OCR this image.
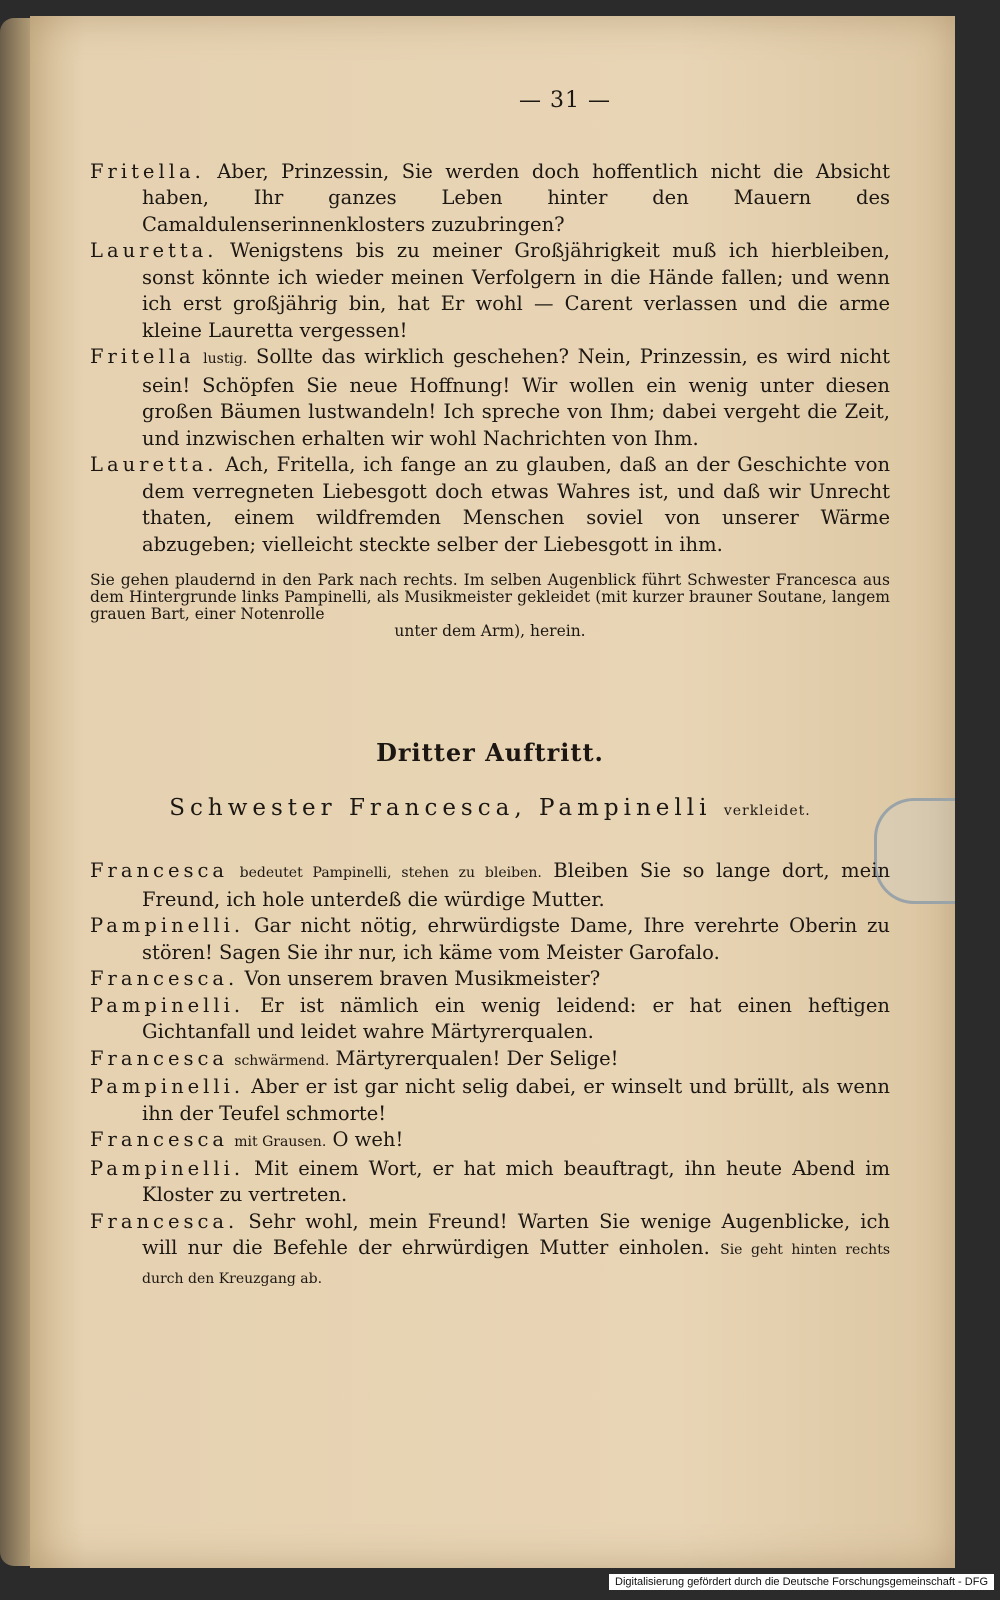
— 31 —

Fritella. Aber, Prinzessin, Sie werden doch hoffentlich nicht die Absicht haben, Ihr ganzes Leben hinter den Mauern des Camaldulenserinnenklosters zuzubringen?

Lauretta. Wenigstens bis zu meiner Großjährigkeit muß ich hierbleiben, sonst könnte ich wieder meinen Verfolgern in die Hände fallen; und wenn ich erst großjährig bin, hat Er wohl — Carent verlassen und die arme kleine Lauretta vergessen!

Fritella lustig. Sollte das wirklich geschehen? Nein, Prinzessin, es wird nicht sein! Schöpfen Sie neue Hoffnung! Wir wollen ein wenig unter diesen großen Bäumen lustwandeln! Ich spreche von Ihm; dabei vergeht die Zeit, und inzwischen erhalten wir wohl Nachrichten von Ihm.

Lauretta. Ach, Fritella, ich fange an zu glauben, daß an der Geschichte von dem verregneten Liebesgott doch etwas Wahres ist, und daß wir Unrecht thaten, einem wildfremden Menschen soviel von unserer Wärme abzugeben; vielleicht steckte selber der Liebesgott in ihm.

Sie gehen plaudernd in den Park nach rechts. Im selben Augenblick führt Schwester Francesca aus dem Hintergrunde links Pampinelli, als Musikmeister gekleidet (mit kurzer brauner Soutane, langem grauen Bart, einer Notenrolle
unter dem Arm), herein.
Dritter Auftritt.
Schwester Francesca, Pampinelli verkleidet.

Francesca bedeutet Pampinelli, stehen zu bleiben. Bleiben Sie so lange dort, mein Freund, ich hole unterdeß die würdige Mutter.

Pampinelli. Gar nicht nötig, ehrwürdigste Dame, Ihre verehrte Oberin zu stören! Sagen Sie ihr nur, ich käme vom Meister Garofalo.

Francesca. Von unserem braven Musikmeister?

Pampinelli. Er ist nämlich ein wenig leidend: er hat einen heftigen Gichtanfall und leidet wahre Märtyrerqualen.

Francesca schwärmend. Märtyrerqualen! Der Selige!

Pampinelli. Aber er ist gar nicht selig dabei, er winselt und brüllt, als wenn ihn der Teufel schmorte!

Francesca mit Grausen. O weh!

Pampinelli. Mit einem Wort, er hat mich beauftragt, ihn heute Abend im Kloster zu vertreten.

Francesca. Sehr wohl, mein Freund! Warten Sie wenige Augenblicke, ich will nur die Befehle der ehrwürdigen Mutter einholen. Sie geht hinten rechts durch den Kreuzgang ab.

Digitalisierung gefördert durch die Deutsche Forschungsgemeinschaft - DFG
